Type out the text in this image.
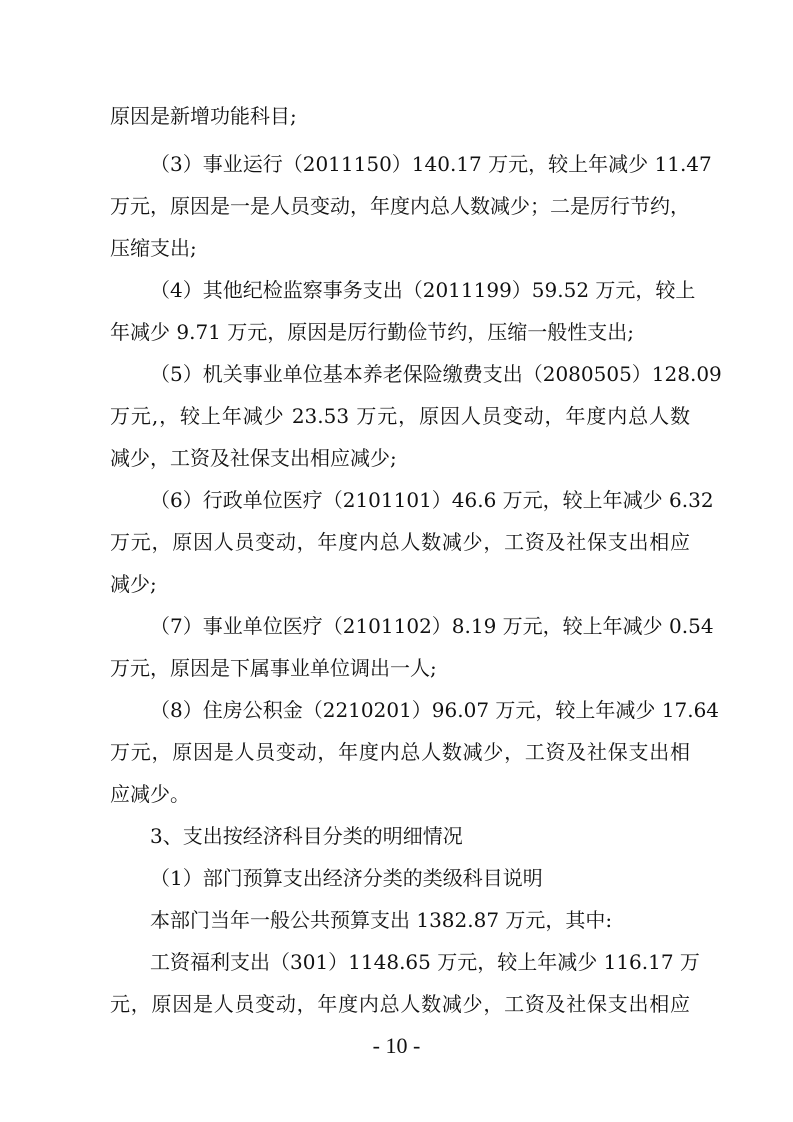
原因是新增功能科目;
（3）事业运行（2011150）140.17 万元，较上年减少 11.47
万元，原因是一是人员变动，年度内总人数减少；二是厉行节约，
压缩支出;
（4）其他纪检监察事务支出（2011199）59.52 万元，较上
年减少 9.71 万元，原因是厉行勤俭节约，压缩一般性支出;
（5）机关事业单位基本养老保险缴费支出（2080505）128.09
万元,，较上年减少 23.53 万元，原因人员变动，年度内总人数
减少，工资及社保支出相应减少;
（6）行政单位医疗（2101101）46.6 万元，较上年减少 6.32
万元，原因人员变动，年度内总人数减少，工资及社保支出相应
减少;
（7）事业单位医疗（2101102）8.19 万元，较上年减少 0.54
万元，原因是下属事业单位调出一人;
（8）住房公积金（2210201）96.07 万元，较上年减少 17.64
万元，原因是人员变动，年度内总人数减少，工资及社保支出相
应减少。
3、支出按经济科目分类的明细情况
（1）部门预算支出经济分类的类级科目说明
本部门当年一般公共预算支出 1382.87 万元，其中:
工资福利支出（301）1148.65 万元，较上年减少 116.17 万
元，原因是人员变动，年度内总人数减少，工资及社保支出相应
- 10 -
